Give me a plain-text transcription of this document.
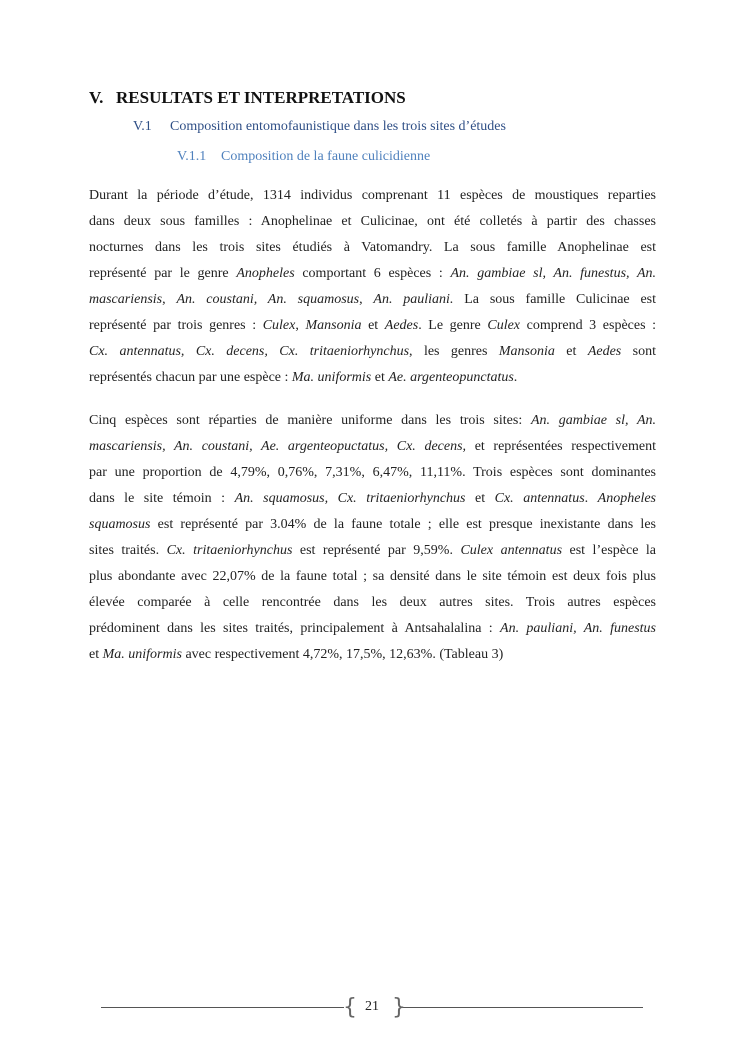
V. RESULTATS ET INTERPRETATIONS
V.1 Composition entomofaunistique dans les trois sites d’études
V.1.1 Composition de la faune culicidienne
Durant la période d’étude, 1314 individus comprenant 11 espèces de moustiques reparties
dans deux sous familles : Anophelinae et Culicinae, ont été colletés à partir des chasses
nocturnes dans les trois sites étudiés à Vatomandry. La sous famille Anophelinae est
représenté par le genre Anopheles comportant 6 espèces : An. gambiae sl, An. funestus, An.
mascariensis, An. coustani, An. squamosus, An. pauliani. La sous famille Culicinae est
représenté par trois genres : Culex, Mansonia et Aedes. Le genre Culex comprend 3 espèces :
Cx. antennatus, Cx. decens, Cx. tritaeniorhynchus, les genres Mansonia et Aedes sont
représentés chacun par une espèce : Ma. uniformis et Ae. argenteopunctatus.
Cinq espèces sont réparties de manière uniforme dans les trois sites: An. gambiae sl, An.
mascariensis, An. coustani, Ae. argenteopuctatus, Cx. decens, et représentées respectivement
par une proportion de 4,79%, 0,76%, 7,31%, 6,47%, 11,11%. Trois espèces sont dominantes
dans le site témoin : An. squamosus, Cx. tritaeniorhynchus et Cx. antennatus. Anopheles
squamosus est représenté par 3.04% de la faune totale ; elle est presque inexistante dans les
sites traités. Cx. tritaeniorhynchus est représenté par 9,59%. Culex antennatus est l’espèce la
plus abondante avec 22,07% de la faune total ; sa densité dans le site témoin est deux fois plus
élevée comparée à celle rencontrée dans les deux autres sites. Trois autres espèces
prédominent dans les sites traités, principalement à Antsahalalina : An. pauliani, An. funestus
et Ma. uniformis avec respectivement 4,72%, 17,5%, 12,63%. (Tableau 3)
{ 21 }
